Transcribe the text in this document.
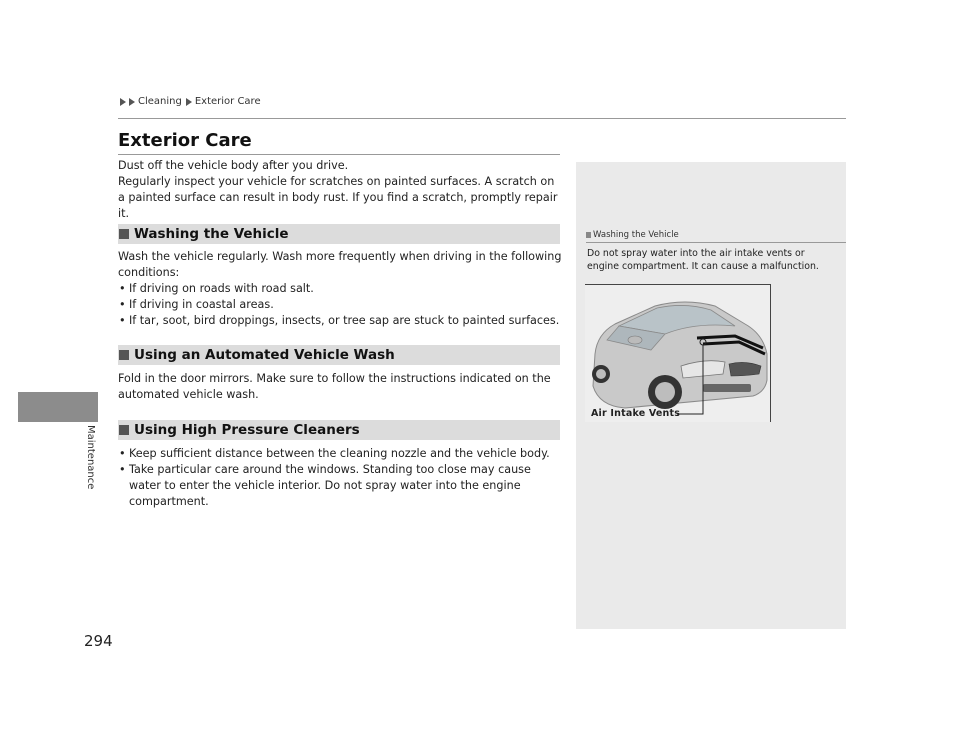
Cleaning Exterior Care
Maintenance
294
Exterior Care

Dust off the vehicle body after you drive.

Regularly inspect your vehicle for scratches on painted surfaces. A scratch on a painted surface can result in body rust. If you find a scratch, promptly repair it.

Washing the Vehicle

Wash the vehicle regularly. Wash more frequently when driving in the following conditions:

• If driving on roads with road salt.
• If driving in coastal areas.
• If tar, soot, bird droppings, insects, or tree sap are stuck to painted surfaces.
Using an Automated Vehicle Wash

Fold in the door mirrors. Make sure to follow the instructions indicated on the automated vehicle wash.

Using High Pressure Cleaners
• Keep sufficient distance between the cleaning nozzle and the vehicle body.
• Take particular care around the windows. Standing too close may cause water to enter the vehicle interior. Do not spray water into the engine compartment.
Washing the Vehicle

Do not spray water into the air intake vents or engine compartment. It can cause a malfunction.

Air Intake Vents
